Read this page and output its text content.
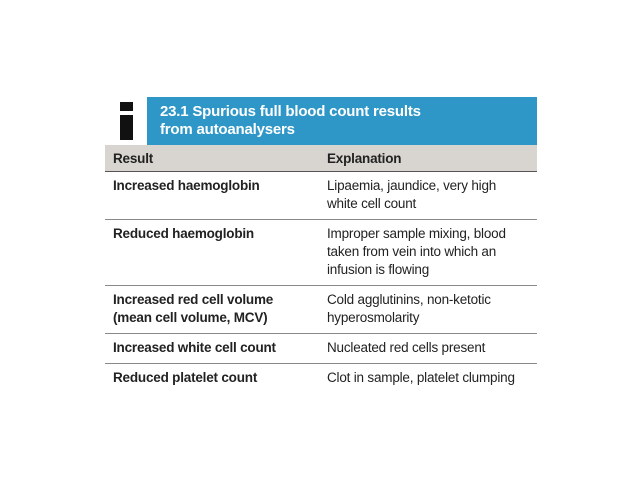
23.1 Spurious full blood count results
from autoanalysers
Result	Explanation
Increased haemoglobin	Lipaemia, jaundice, very high white cell count
Reduced haemoglobin	Improper sample mixing, blood taken from vein into which an infusion is flowing
Increased red cell volume (mean cell volume, MCV)	Cold agglutinins, non-ketotic hyperosmolarity
Increased white cell count	Nucleated red cells present
Reduced platelet count	Clot in sample, platelet clumping
